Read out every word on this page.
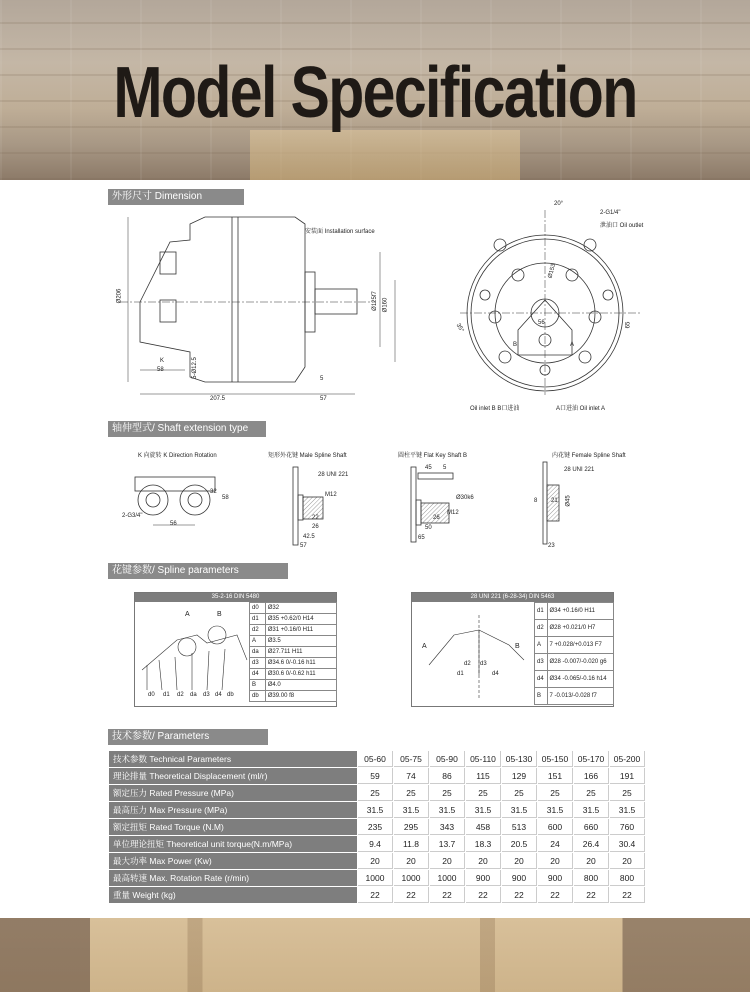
Model Specification
外形尺寸 Dimension
安装面 Installation surface
Ø206	Ø125f7 Ø160
K
58	5-Ø12.5
5
207.5	57
20°
2-G1/4"
泄油口 Oil outlet
Ø153
35°	56	65
B	A
Oil inlet B B口进油	A口进油 Oil inlet A
轴伸型式/ Shaft extension type
K 向旋转 K Direction Rotation	矩形外花键 Male Spline Shaft	圆柱平键 Flat Key Shaft B	内花键 Female Spline Shaft
32
58
2-G3/4"
56
28 UNI 221
M12
22
26
42.5
57
45 5
M12
Ø30k6
26
50
65
28 UNI 221
8 21 Ø45
23
花键参数/ Spline parameters
35-2-16 DIN 5480
A	B
d0 d1 d2 da d3 d4 db
d0	Ø32
d1	Ø35 +0.62/0 H14
d2	Ø31 +0.16/0 H11
A	Ø3.5
da	Ø27.711 H11
d3	Ø34.6 0/-0.16 h11
d4	Ø30.6 0/-0.62 h11
B	Ø4.0
db	Ø39.00 f8
28 UNI 221 (6-28-34) DIN 5463
A	B
d1
d2 d3
d4
d1	Ø34 +0.16/0 H11
d2	Ø28 +0.021/0 H7
A	7 +0.028/+0.013 F7
d3	Ø28 -0.007/-0.020 g6
d4	Ø34 -0.065/-0.16 h14
B	7 -0.013/-0.028 f7
技术参数/ Parameters
技术参数 Technical Parameters	05-60	05-75	05-90	05-110	05-130	05-150	05-170	05-200
理论排量 Theoretical Displacement (ml/r)	59	74	86	115	129	151	166	191
额定压力 Rated Pressure (MPa)	25	25	25	25	25	25	25	25
最高压力 Max Pressure (MPa)	31.5	31.5	31.5	31.5	31.5	31.5	31.5	31.5
额定扭矩 Rated Torque (N.M)	235	295	343	458	513	600	660	760
单位理论扭矩 Theoretical unit torque(N.m/MPa)	9.4	11.8	13.7	18.3	20.5	24	26.4	30.4
最大功率 Max Power (Kw)	20	20	20	20	20	20	20	20
最高转速 Max. Rotation Rate (r/min)	1000	1000	1000	900	900	900	800	800
重量 Weight (kg)	22	22	22	22	22	22	22	22
